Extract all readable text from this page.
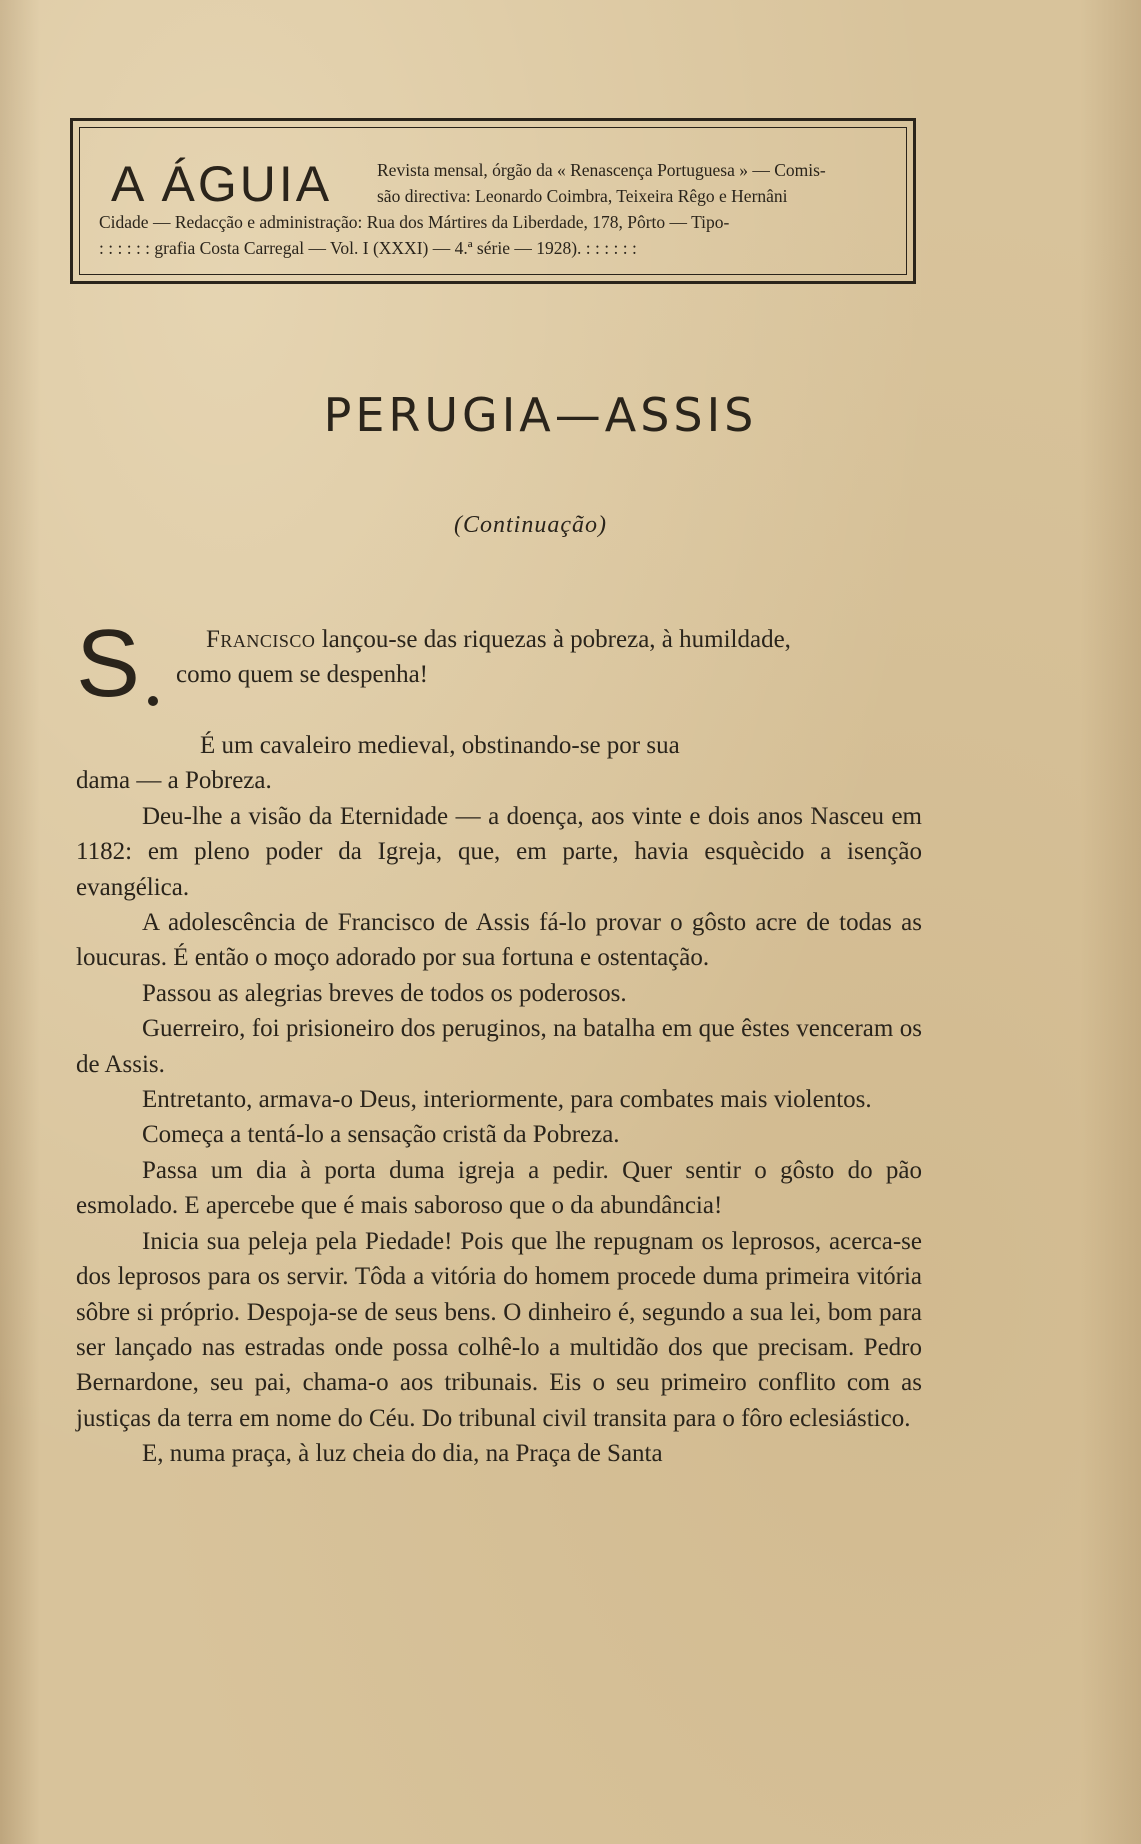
A ÁGUIA	Revista mensal, órgão da « Renascença Portuguesa » — Comis-
são directiva: Leonardo Coimbra, Teixeira Rêgo e Hernâni
Cidade — Redacção e administração: Rua dos Mártires da Liberdade, 178, Pôrto — Tipo-
: : : : : : grafia Costa Carregal — Vol. I (XXXI) — 4.ª série — 1928). : : : : : :
PERUGIA—ASSIS
(Continuação)
S	Francisco lançou-se das riquezas à pobreza, à humildade,
como quem se despenha!

É um cavaleiro medieval, obstinando-se por sua
dama — a Pobreza.

Deu-lhe a visão da Eternidade — a doença, aos vinte e dois anos Nasceu em 1182: em pleno poder da Igreja, que, em parte, havia esquècido a isenção evangélica.

A adolescência de Francisco de Assis fá-lo provar o gôsto acre de todas as loucuras. É então o moço adorado por sua fortuna e ostentação.

Passou as alegrias breves de todos os poderosos.

Guerreiro, foi prisioneiro dos peruginos, na batalha em que êstes venceram os de Assis.

Entretanto, armava-o Deus, interiormente, para combates mais violentos.

Começa a tentá-lo a sensação cristã da Pobreza.

Passa um dia à porta duma igreja a pedir. Quer sentir o gôsto do pão esmolado. E apercebe que é mais saboroso que o da abundância!

Inicia sua peleja pela Piedade! Pois que lhe repugnam os leprosos, acerca-se dos leprosos para os servir. Tôda a vitória do homem procede duma primeira vitória sôbre si próprio. Despoja-se de seus bens. O dinheiro é, segundo a sua lei, bom para ser lançado nas estradas onde possa colhê-lo a multidão dos que precisam. Pedro Bernardone, seu pai, chama-o aos tribunais. Eis o seu primeiro conflito com as justiças da terra em nome do Céu. Do tribunal civil transita para o fôro eclesiástico.

E, numa praça, à luz cheia do dia, na Praça de Santa
